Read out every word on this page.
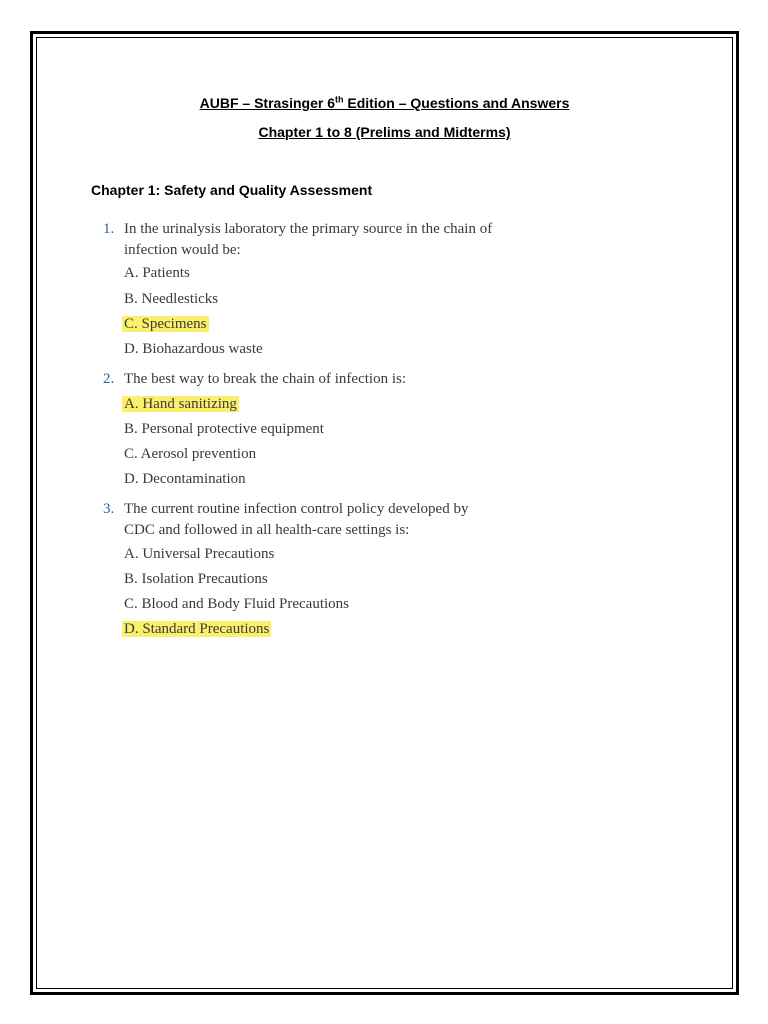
AUBF – Strasinger 6th Edition – Questions and Answers
Chapter 1 to 8 (Prelims and Midterms)
Chapter 1: Safety and Quality Assessment
1. In the urinalysis laboratory the primary source in the chain of infection would be:
A. Patients
B. Needlesticks
C. Specimens
D. Biohazardous waste
2. The best way to break the chain of infection is:
A. Hand sanitizing
B. Personal protective equipment
C. Aerosol prevention
D. Decontamination
3. The current routine infection control policy developed by CDC and followed in all health-care settings is:
A. Universal Precautions
B. Isolation Precautions
C. Blood and Body Fluid Precautions
D. Standard Precautions
